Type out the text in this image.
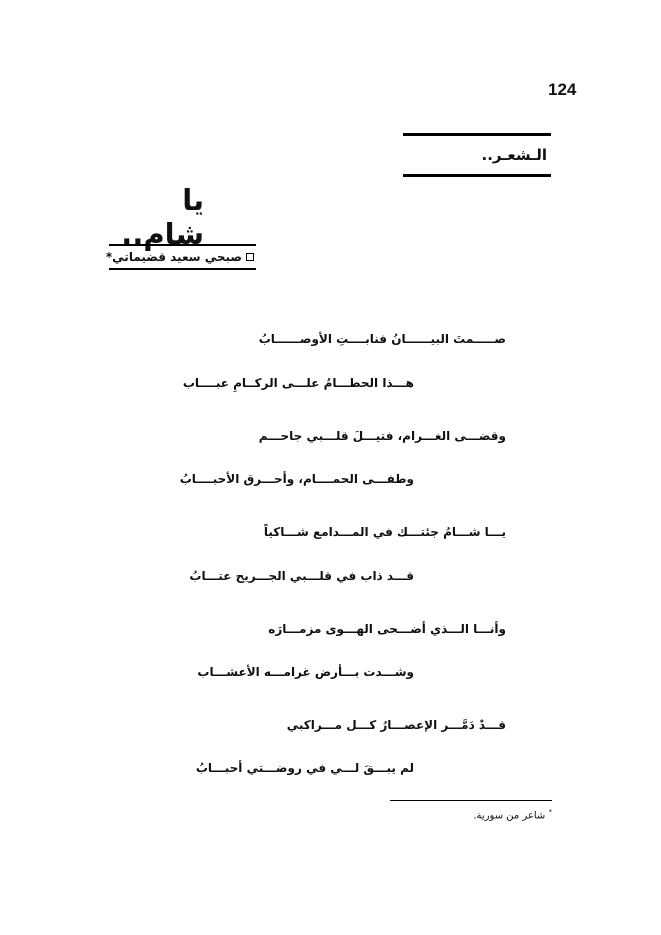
124
الـشعـر..
يا شام..
صبحي سعيد قضيماتي*
صـــــمتَ البيــــــانُ فنابــــتِ الأوصــــــابُ
هـــذا الحطـــامُ علـــى الركــامِ عبــــاب
وقضـــى الغـــرام، فتيـــلَ قلـــبي جاحـــم
وطفـــى الحمــــام، وأحـــرق الأحبــــابُ
يـــا شـــامُ جئتـــك في المـــدامع شـــاكياً
قـــد ذاب في قلـــبي الجـــريح عتـــابُ
وأنـــا الـــذي أضـــحى الهـــوى مزمـــارَه
وشـــدت بـــأرض غرامـــه الأعشـــاب
قـــدْ دَمَّـــر الإعصـــارُ كـــل مـــراكبي
لم يبـــقَ لـــي في روضـــتي أحبـــابُ
* شاعر من سورية.
